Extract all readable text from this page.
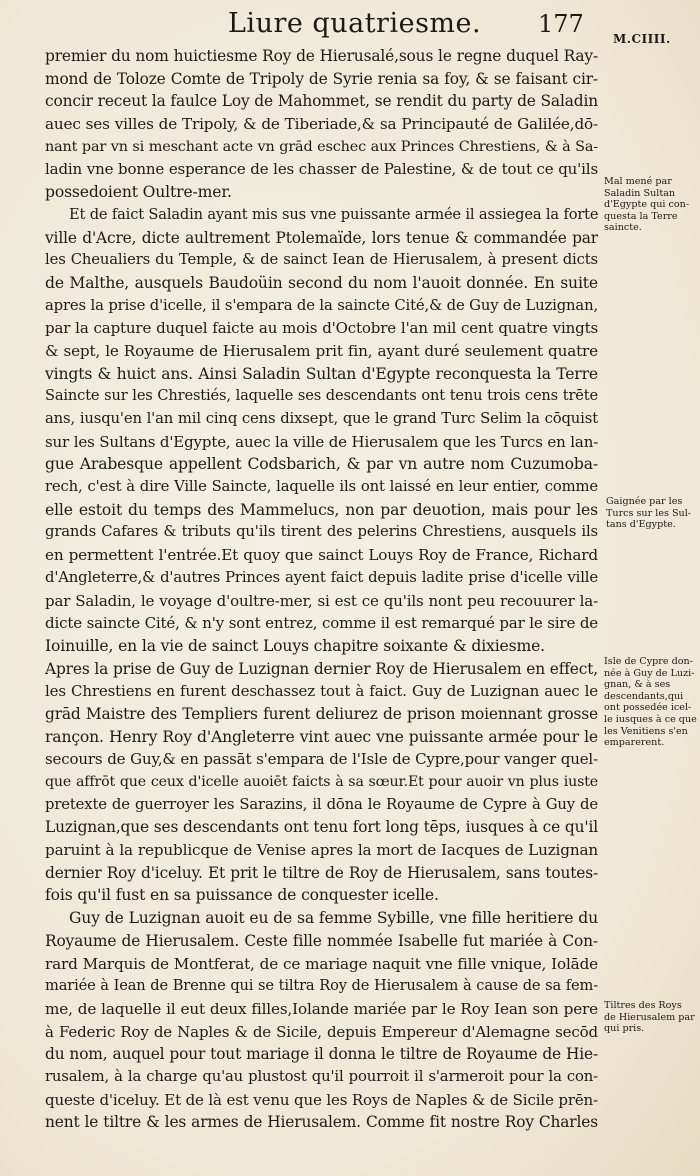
Liure quatriesme. 177
M.CIIII.
premier du nom huictiesme Roy de Hierusalé,sous le regne duquel Ray-
mond de Toloze Comte de Tripoly de Syrie renia sa foy, & se faisant cir-
concir receut la faulce Loy de Mahommet, se rendit du party de Saladin
auec ses villes de Tripoly, & de Tiberiade,& sa Principauté de Galilée,dō-
nant par vn si meschant acte vn grād eschec aux Princes Chrestiens, & à Sa-
ladin vne bonne esperance de les chasser de Palestine, & de tout ce qu'ils
possedoient Oultre-mer.
Et de faict Saladin ayant mis sus vne puissante armée il assiegea la forte
ville d'Acre, dicte aultrement Ptolemaïde, lors tenue & commandée par
les Cheualiers du Temple, & de sainct Iean de Hierusalem, à present dicts
de Malthe, ausquels Baudoüin second du nom l'auoit donnée. En suite
apres la prise d'icelle, il s'empara de la saincte Cité,& de Guy de Luzignan,
par la capture duquel faicte au mois d'Octobre l'an mil cent quatre vingts
& sept, le Royaume de Hierusalem prit fin, ayant duré seulement quatre
vingts & huict ans. Ainsi Saladin Sultan d'Egypte reconquesta la Terre
Saincte sur les Chrestiés, laquelle ses descendants ont tenu trois cens trēte
ans, iusqu'en l'an mil cinq cens dixsept, que le grand Turc Selim la cōquist
sur les Sultans d'Egypte, auec la ville de Hierusalem que les Turcs en lan-
gue Arabesque appellent Codsbarich, & par vn autre nom Cuzumoba-
rech, c'est à dire Ville Saincte, laquelle ils ont laissé en leur entier, comme
elle estoit du temps des Mammelucs, non par deuotion, mais pour les
grands Cafares & tributs qu'ils tirent des pelerins Chrestiens, ausquels ils
en permettent l'entrée.Et quoy que sainct Louys Roy de France, Richard
d'Angleterre,& d'autres Princes ayent faict depuis ladite prise d'icelle ville
par Saladin, le voyage d'oultre-mer, si est ce qu'ils nont peu recouurer la-
dicte saincte Cité, & n'y sont entrez, comme il est remarqué par le sire de
Ioinuille, en la vie de sainct Louys chapitre soixante & dixiesme.
Apres la prise de Guy de Luzignan dernier Roy de Hierusalem en effect,
les Chrestiens en furent deschassez tout à faict. Guy de Luzignan auec le
grād Maistre des Templiers furent deliurez de prison moiennant grosse
rançon. Henry Roy d'Angleterre vint auec vne puissante armée pour le
secours de Guy,& en passāt s'empara de l'Isle de Cypre,pour vanger quel-
que affrōt que ceux d'icelle auoiēt faicts à sa sœur.Et pour auoir vn plus iuste
pretexte de guerroyer les Sarazins, il dōna le Royaume de Cypre à Guy de
Luzignan,que ses descendants ont tenu fort long tēps, iusques à ce qu'il
paruint à la republicque de Venise apres la mort de Iacques de Luzignan
dernier Roy d'iceluy. Et prit le tiltre de Roy de Hierusalem, sans toutes-
fois qu'il fust en sa puissance de conquester icelle.
Guy de Luzignan auoit eu de sa femme Sybille, vne fille heritiere du
Royaume de Hierusalem. Ceste fille nommée Isabelle fut mariée à Con-
rard Marquis de Montferat, de ce mariage naquit vne fille vnique, Iolāde
mariée à Iean de Brenne qui se tiltra Roy de Hierusalem à cause de sa fem-
me, de laquelle il eut deux filles,Iolande mariée par le Roy Iean son pere
à Federic Roy de Naples & de Sicile, depuis Empereur d'Alemagne secōd
du nom, auquel pour tout mariage il donna le tiltre de Royaume de Hie-
rusalem, à la charge qu'au plustost qu'il pourroit il s'armeroit pour la con-
queste d'iceluy. Et de là est venu que les Roys de Naples & de Sicile prēn-
nent le tiltre & les armes de Hierusalem. Comme fit nostre Roy Charles
Mal mené par
Saladin Sultan
d'Egypte qui con-
questa la Terre
saincte.
Gaignée par les
Turcs sur les Sul-
tans d'Egypte.
Isle de Cypre don-
née à Guy de Luzi-
gnan, & à ses
descendants,qui
ont possedée icel-
le iusques à ce que
les Venitiens s'en
emparerent.
Tiltres des Roys
de Hierusalem par
qui pris.
